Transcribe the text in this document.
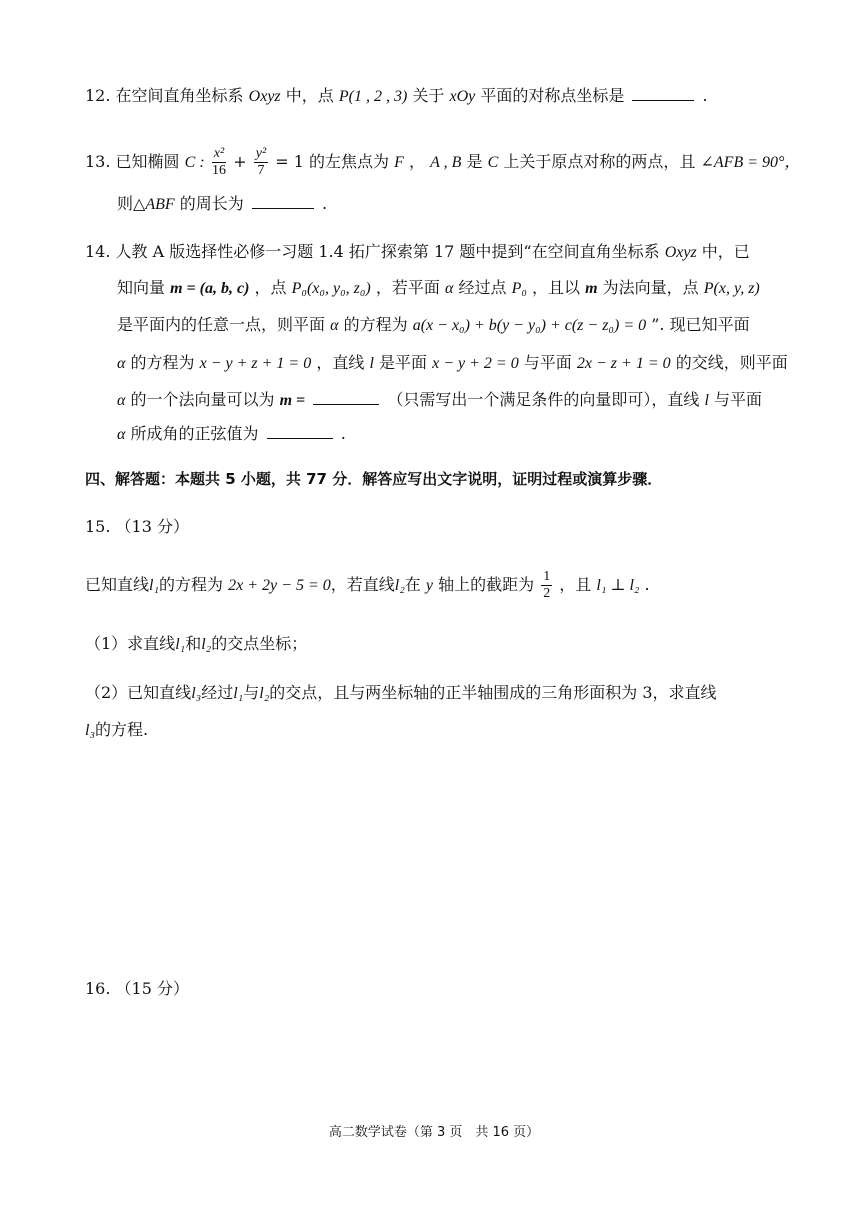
12. 在空间直角坐标系 Oxyz 中，点 P(1 , 2 , 3) 关于 xOy 平面的对称点坐标是	.
13. 已知椭圆 C : $\frac{\text{x²}}{16} + \frac{\text{y²}}{7} = 1$ 的左焦点为 F ， A , B 是 C 上关于原点对称的两点，且 ∠AFB = 90°，
则△ABF 的周长为	.
14. 人教 A 版选择性必修一习题 1.4 拓广探索第 17 题中提到“在空间直角坐标系 Oxyz 中，已
知向量 m = (a, b, c) ，点 P₀(x₀, y₀, z₀) ，若平面 α 经过点 P₀ ，且以 m 为法向量，点 P(x, y, z)
是平面内的任意一点，则平面 α 的方程为 a(x − x₀) + b(y − y₀) + c(z − z₀) = 0 ”. 现已知平面
α 的方程为 x − y + z + 1 = 0 ，直线 l 是平面 x − y + 2 = 0 与平面 2x − z + 1 = 0 的交线，则平面
α 的一个法向量可以为 m =	（只需写出一个满足条件的向量即可），直线 l 与平面
α 所成角的正弦值为	.
四、解答题：本题共 5 小题，共 77 分．解答应写出文字说明，证明过程或演算步骤．
15. （13 分）
已知直线l₁的方程为 2x + 2y − 5 = 0，若直线l₂在 y 轴上的截距为 $\frac{1}{2}$ ，且 l₁ ⊥ l₂ .
（1）求直线l₁和l₂的交点坐标；
（2）已知直线l₃经过l₁与l₂的交点，且与两坐标轴的正半轴围成的三角形面积为 3，求直线
l₃的方程.
16. （15 分）
高二数学试卷（第 3 页　共 16 页）
